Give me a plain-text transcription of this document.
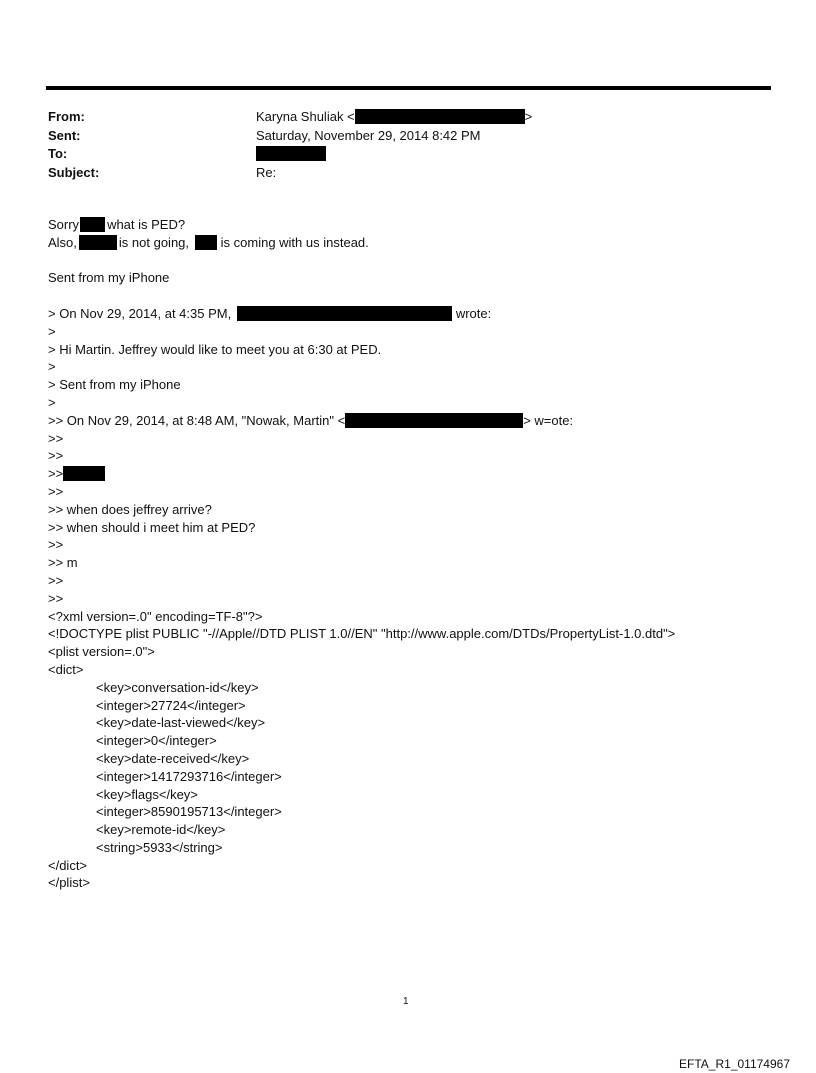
From:	Karyna Shuliak <	>
Sent:	Saturday, November 29, 2014 8:42 PM
To:
Subject:	Re:
Sorry what is PED?
Also,	is not going, is coming with us instead.
Sent from my iPhone
> On Nov 29, 2014, at 4:35 PM,	wrote:
>
> Hi Martin. Jeffrey would like to meet you at 6:30 at PED.
>
> Sent from my iPhone
>
>> On Nov 29, 2014, at 8:48 AM, "Nowak, Martin" <	> w=ote:
>>
>>
>>
>>
>> when does jeffrey arrive?
>> when should i meet him at PED?
>>
>> m
>>
>>
<?xml version=.0" encoding=TF-8"?>
<!DOCTYPE plist PUBLIC "-//Apple//DTD PLIST 1.0//EN" "http://www.apple.com/DTDs/PropertyList-1.0.dtd">
<plist version=.0">
<dict>
<key>conversation-id</key>
<integer>27724</integer>
<key>date-last-viewed</key>
<integer>0</integer>
<key>date-received</key>
<integer>1417293716</integer>
<key>flags</key>
<integer>8590195713</integer>
<key>remote-id</key>
<string>5933</string>
</dict>
</plist>
1
EFTA_R1_01174967
